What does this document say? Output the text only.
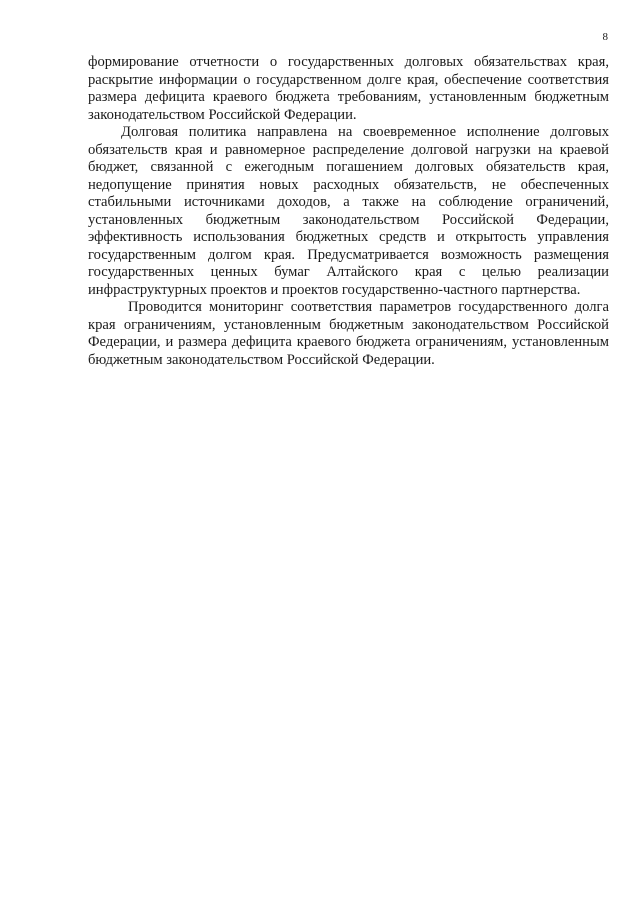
8

формирование отчетности о государственных долговых обязательствах края, раскрытие информации о государственном долге края, обеспечение соответствия размера дефицита краевого бюджета требованиям, установленным бюджетным законодательством Российской Федерации.

Долговая политика направлена на своевременное исполнение долговых обязательств края и равномерное распределение долговой нагрузки на краевой бюджет, связанной с ежегодным погашением долговых обязательств края, недопущение принятия новых расходных обязательств, не обеспеченных стабильными источниками доходов, а также на соблюдение ограничений, установленных бюджетным законодательством Российской Федерации, эффективность использования бюджетных средств и открытость управления государственным долгом края. Предусматривается возможность размещения государственных ценных бумаг Алтайского края с целью реализации инфраструктурных проектов и проектов государственно-частного партнерства.

Проводится мониторинг соответствия параметров государственного долга края ограничениям, установленным бюджетным законодательством Российской Федерации, и размера дефицита краевого бюджета ограничениям, установленным бюджетным законодательством Российской Федерации.
